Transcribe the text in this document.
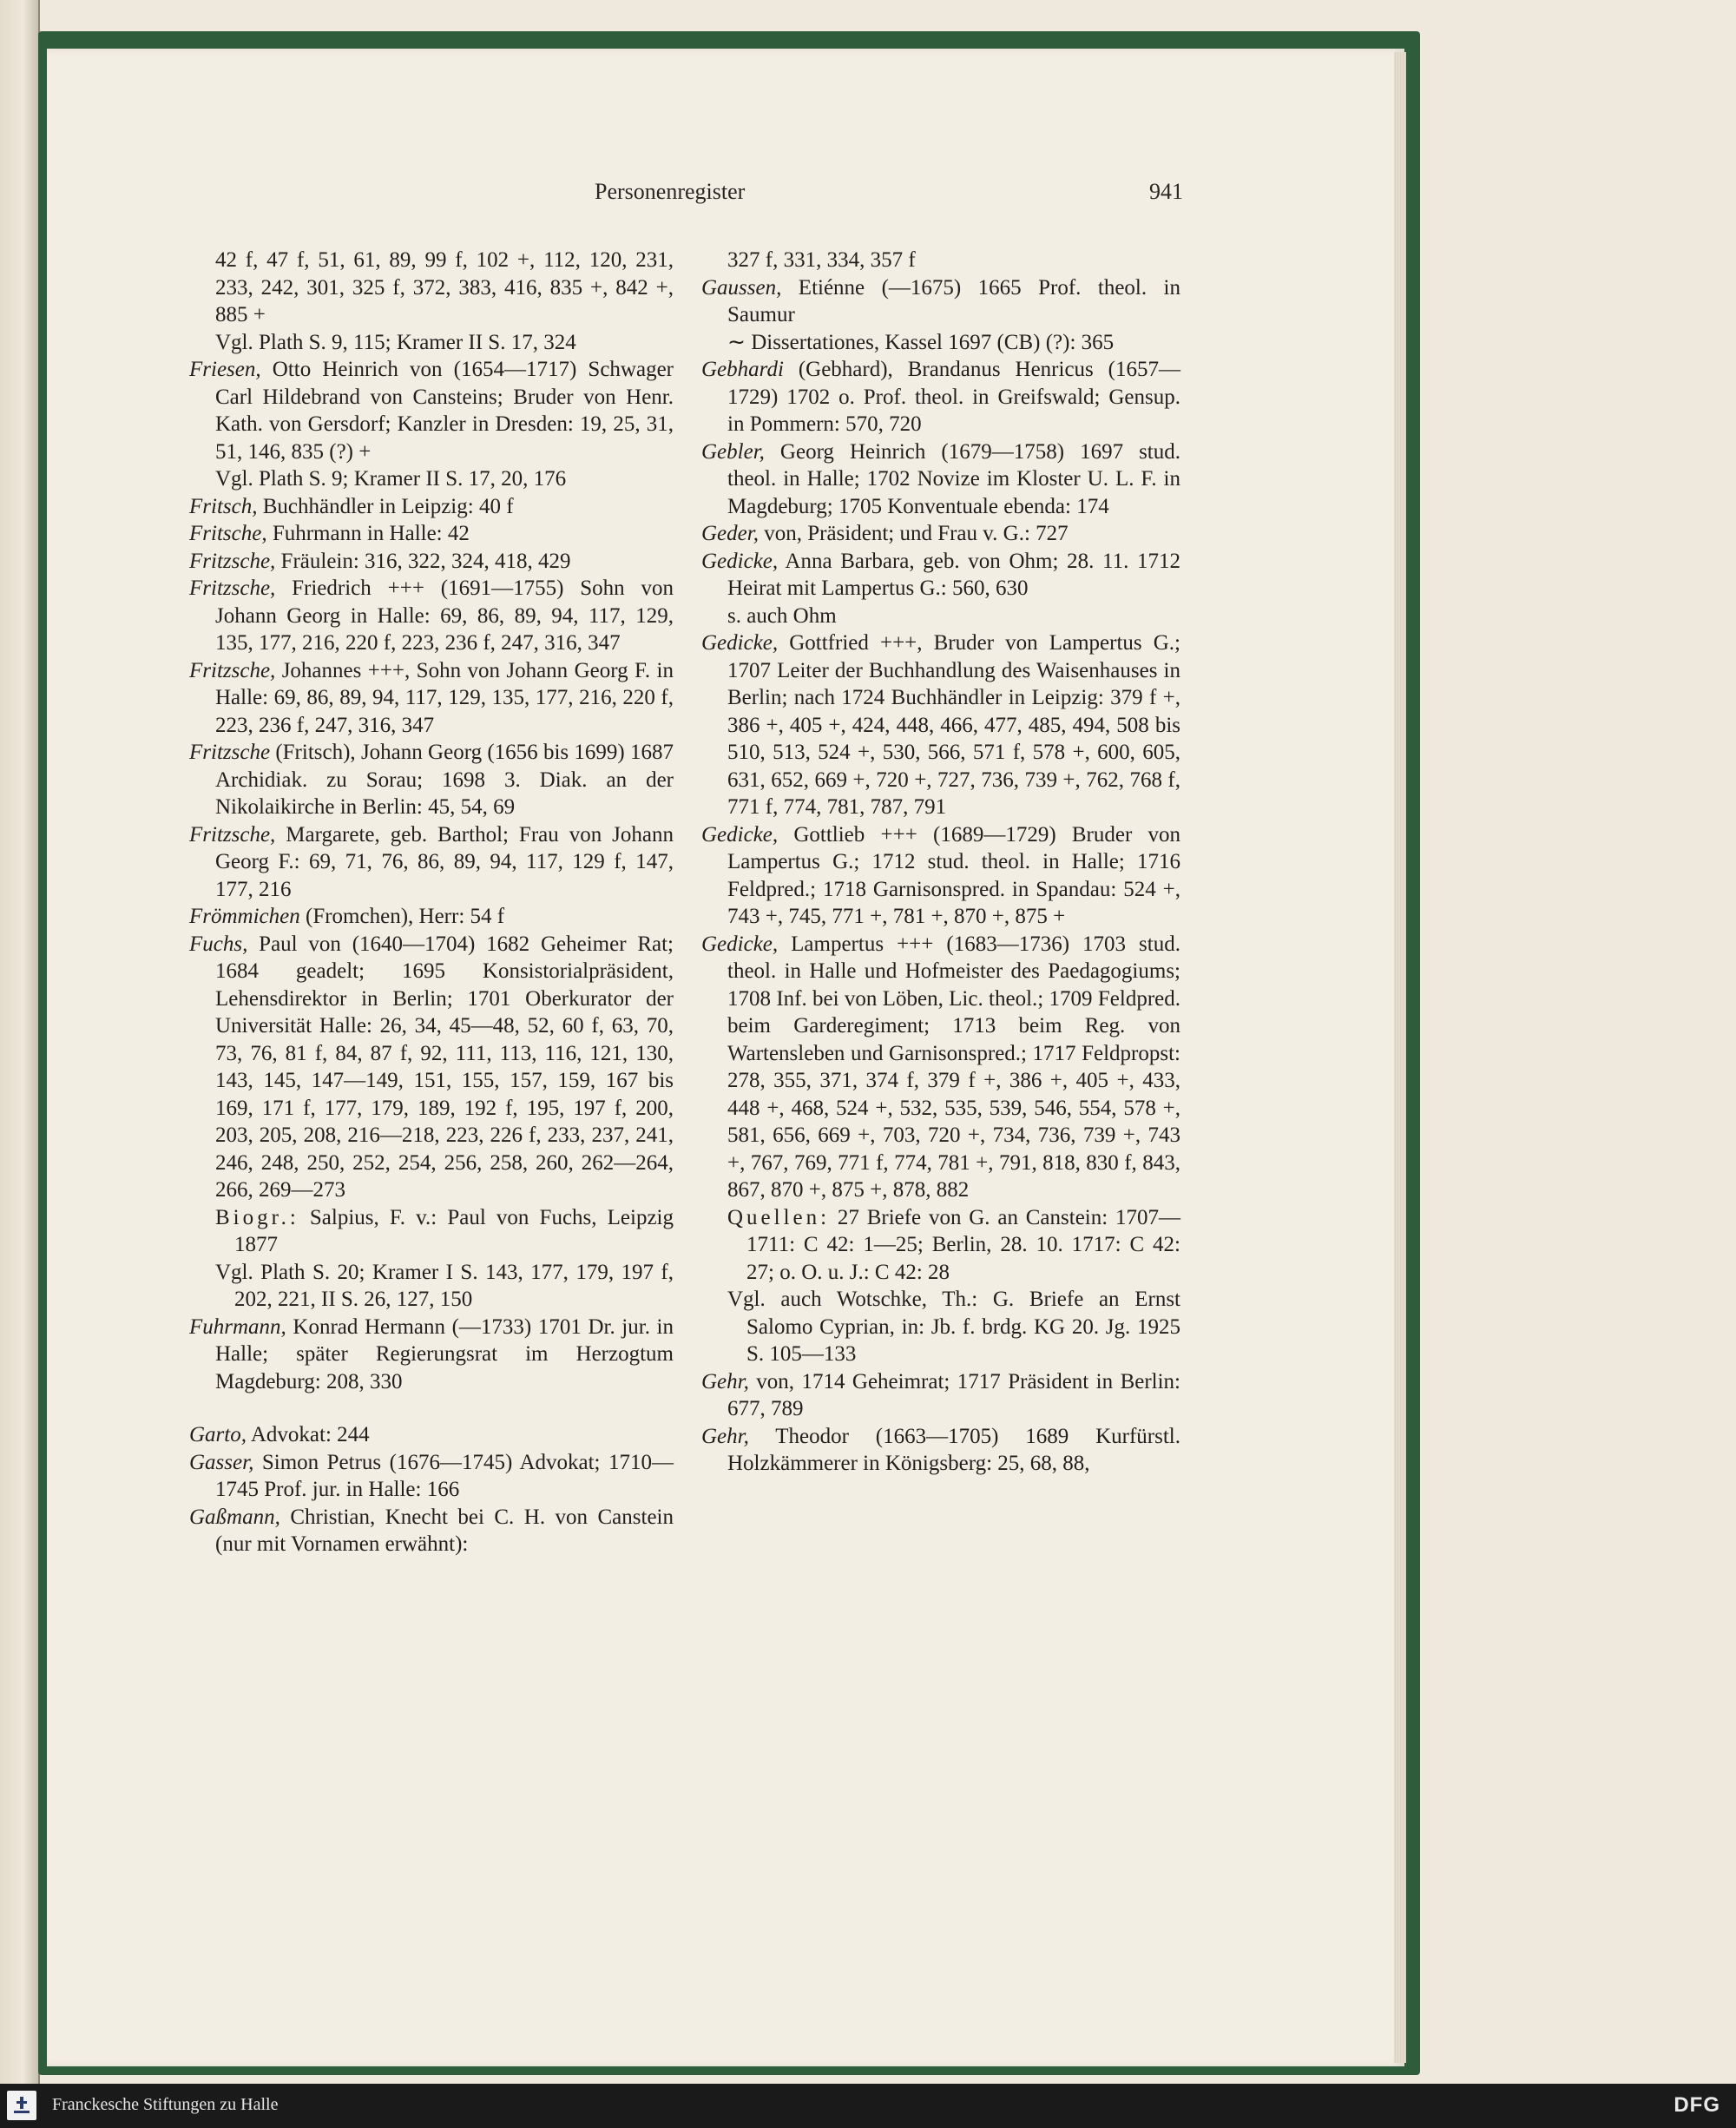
Personenregister	941
42 f, 47 f, 51, 61, 89, 99 f, 102 +, 112, 120, 231, 233, 242, 301, 325 f, 372, 383, 416, 835 +, 842 +, 885 +
Vgl. Plath S. 9, 115; Kramer II S. 17, 324
Friesen, Otto Heinrich von (1654—1717) Schwager Carl Hildebrand von Cansteins; Bruder von Henr. Kath. von Gersdorf; Kanzler in Dresden: 19, 25, 31, 51, 146, 835 (?) +
Vgl. Plath S. 9; Kramer II S. 17, 20, 176
Fritsch, Buchhändler in Leipzig: 40 f
Fritsche, Fuhrmann in Halle: 42
Fritzsche, Fräulein: 316, 322, 324, 418, 429
Fritzsche, Friedrich +++ (1691—1755) Sohn von Johann Georg in Halle: 69, 86, 89, 94, 117, 129, 135, 177, 216, 220 f, 223, 236 f, 247, 316, 347
Fritzsche, Johannes +++, Sohn von Johann Georg F. in Halle: 69, 86, 89, 94, 117, 129, 135, 177, 216, 220 f, 223, 236 f, 247, 316, 347
Fritzsche (Fritsch), Johann Georg (1656 bis 1699) 1687 Archidiak. zu Sorau; 1698 3. Diak. an der Nikolaikirche in Berlin: 45, 54, 69
Fritzsche, Margarete, geb. Barthol; Frau von Johann Georg F.: 69, 71, 76, 86, 89, 94, 117, 129 f, 147, 177, 216
Frömmichen (Fromchen), Herr: 54 f
Fuchs, Paul von (1640—1704) 1682 Geheimer Rat; 1684 geadelt; 1695 Konsistorialpräsident, Lehensdirektor in Berlin; 1701 Oberkurator der Universität Halle: 26, 34, 45—48, 52, 60 f, 63, 70, 73, 76, 81 f, 84, 87 f, 92, 111, 113, 116, 121, 130, 143, 145, 147—149, 151, 155, 157, 159, 167 bis 169, 171 f, 177, 179, 189, 192 f, 195, 197 f, 200, 203, 205, 208, 216—218, 223, 226 f, 233, 237, 241, 246, 248, 250, 252, 254, 256, 258, 260, 262—264, 266, 269—273
Biogr.: Salpius, F. v.: Paul von Fuchs, Leipzig 1877
Vgl. Plath S. 20; Kramer I S. 143, 177, 179, 197 f, 202, 221, II S. 26, 127, 150
Fuhrmann, Konrad Hermann (—1733) 1701 Dr. jur. in Halle; später Regierungsrat im Herzogtum Magdeburg: 208, 330
Garto, Advokat: 244
Gasser, Simon Petrus (1676—1745) Advokat; 1710—1745 Prof. jur. in Halle: 166
Gaßmann, Christian, Knecht bei C. H. von Canstein (nur mit Vornamen erwähnt):
327 f, 331, 334, 357 f
Gaussen, Etiénne (—1675) 1665 Prof. theol. in Saumur
∼ Dissertationes, Kassel 1697 (CB) (?): 365
Gebhardi (Gebhard), Brandanus Henricus (1657—1729) 1702 o. Prof. theol. in Greifswald; Gensup. in Pommern: 570, 720
Gebler, Georg Heinrich (1679—1758) 1697 stud. theol. in Halle; 1702 Novize im Kloster U. L. F. in Magdeburg; 1705 Konventuale ebenda: 174
Geder, von, Präsident; und Frau v. G.: 727
Gedicke, Anna Barbara, geb. von Ohm; 28. 11. 1712 Heirat mit Lampertus G.: 560, 630
s. auch Ohm
Gedicke, Gottfried +++, Bruder von Lampertus G.; 1707 Leiter der Buchhandlung des Waisenhauses in Berlin; nach 1724 Buchhändler in Leipzig: 379 f +, 386 +, 405 +, 424, 448, 466, 477, 485, 494, 508 bis 510, 513, 524 +, 530, 566, 571 f, 578 +, 600, 605, 631, 652, 669 +, 720 +, 727, 736, 739 +, 762, 768 f, 771 f, 774, 781, 787, 791
Gedicke, Gottlieb +++ (1689—1729) Bruder von Lampertus G.; 1712 stud. theol. in Halle; 1716 Feldpred.; 1718 Garnisonspred. in Spandau: 524 +, 743 +, 745, 771 +, 781 +, 870 +, 875 +
Gedicke, Lampertus +++ (1683—1736) 1703 stud. theol. in Halle und Hofmeister des Paedagogiums; 1708 Inf. bei von Löben, Lic. theol.; 1709 Feldpred. beim Garderegiment; 1713 beim Reg. von Wartensleben und Garnisonspred.; 1717 Feldpropst: 278, 355, 371, 374 f, 379 f +, 386 +, 405 +, 433, 448 +, 468, 524 +, 532, 535, 539, 546, 554, 578 +, 581, 656, 669 +, 703, 720 +, 734, 736, 739 +, 743 +, 767, 769, 771 f, 774, 781 +, 791, 818, 830 f, 843, 867, 870 +, 875 +, 878, 882
Quellen: 27 Briefe von G. an Canstein: 1707—1711: C 42: 1—25; Berlin, 28. 10. 1717: C 42: 27; o. O. u. J.: C 42: 28
Vgl. auch Wotschke, Th.: G. Briefe an Ernst Salomo Cyprian, in: Jb. f. brdg. KG 20. Jg. 1925 S. 105—133
Gehr, von, 1714 Geheimrat; 1717 Präsident in Berlin: 677, 789
Gehr, Theodor (1663—1705) 1689 Kurfürstl. Holzkämmerer in Königsberg: 25, 68, 88,
Franckesche Stiftungen zu Halle	DFG
